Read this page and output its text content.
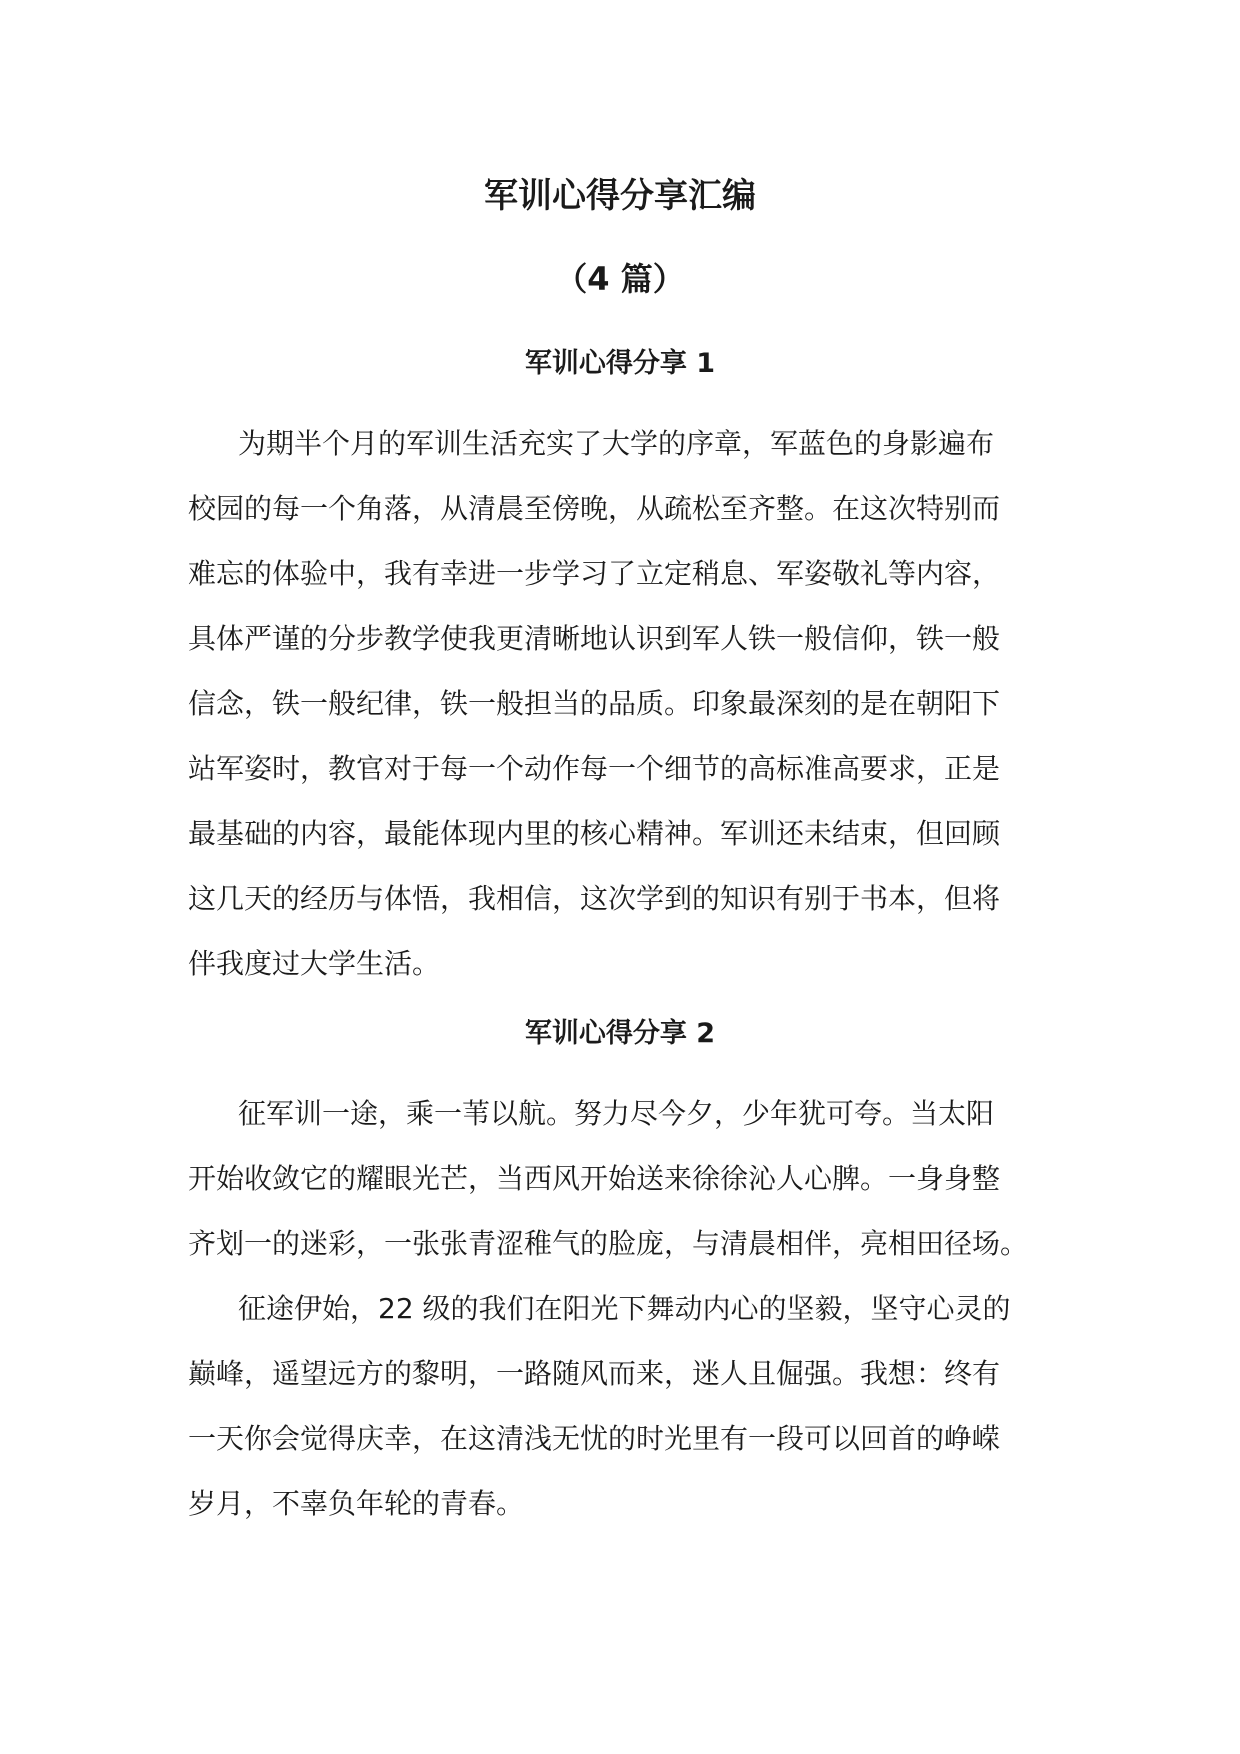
军训心得分享汇编
（4 篇）
军训心得分享 1

为期半个月的军训生活充实了大学的序章，军蓝色的身影遍布

校园的每一个角落，从清晨至傍晚，从疏松至齐整。在这次特别而

难忘的体验中，我有幸进一步学习了立定稍息、军姿敬礼等内容，

具体严谨的分步教学使我更清晰地认识到军人铁一般信仰，铁一般

信念，铁一般纪律，铁一般担当的品质。印象最深刻的是在朝阳下

站军姿时，教官对于每一个动作每一个细节的高标准高要求，正是

最基础的内容，最能体现内里的核心精神。军训还未结束，但回顾

这几天的经历与体悟，我相信，这次学到的知识有别于书本，但将

伴我度过大学生活。

军训心得分享 2

征军训一途，乘一苇以航。努力尽今夕，少年犹可夸。当太阳

开始收敛它的耀眼光芒，当西风开始送来徐徐沁人心脾。一身身整

齐划一的迷彩，一张张青涩稚气的脸庞，与清晨相伴，亮相田径场。

征途伊始，22 级的我们在阳光下舞动内心的坚毅，坚守心灵的

巅峰，遥望远方的黎明，一路随风而来，迷人且倔强。我想：终有

一天你会觉得庆幸，在这清浅无忧的时光里有一段可以回首的峥嵘

岁月，不辜负年轮的青春。
